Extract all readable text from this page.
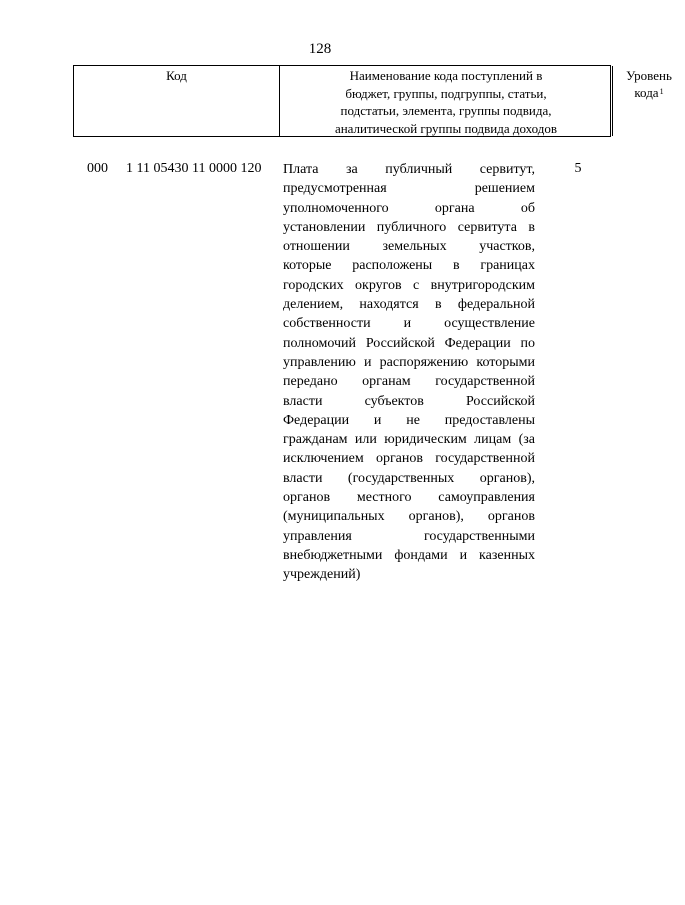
128
Код	Наименование кода поступлений в
бюджет, группы, подгруппы, статьи,
подстатьи, элемента, группы подвида,
аналитической группы подвида доходов
Уровень
кода$^1$
000 1 11 05430 11 0000 120 Плата за публичный сервитут,
предусмотренная решением
уполномоченного органа об
установлении публичного сервитута в
отношении земельных участков,
которые расположены в границах
городских округов с внутригородским
делением, находятся в федеральной
собственности и осуществление
полномочий Российской Федерации по
управлению и распоряжению которыми
передано органам государственной
власти субъектов Российской
Федерации и не предоставлены
гражданам или юридическим лицам (за
исключением органов государственной
власти (государственных органов),
органов местного самоуправления
(муниципальных органов), органов
управления государственными
внебюджетными фондами и казенных
учреждений)
5
